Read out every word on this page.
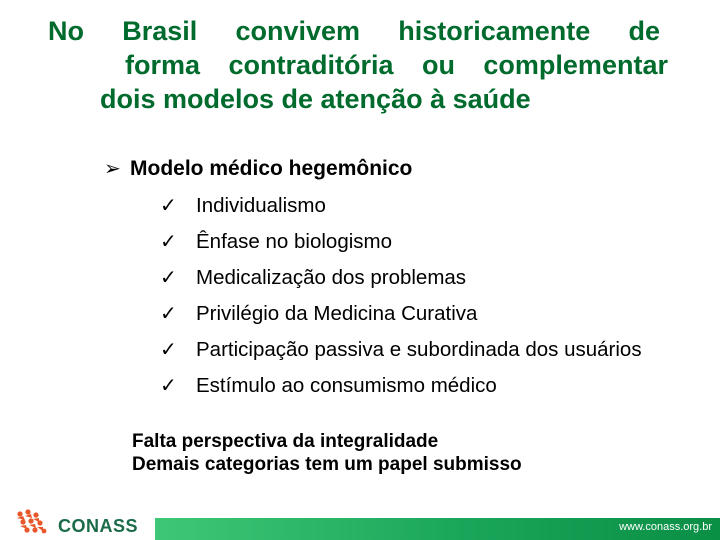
No Brasil convivem historicamente de
forma contraditória ou complementar
dois modelos de atenção à saúde
➢ Modelo médico hegemônico
✓ Individualismo
✓ Ênfase no biologismo
✓ Medicalização dos problemas
✓ Privilégio da Medicina Curativa
✓ Participação passiva e subordinada dos usuários
✓ Estímulo ao consumismo médico
Falta perspectiva da integralidade
Demais categorias tem um papel submisso
CONASS	www.conass.org.br
